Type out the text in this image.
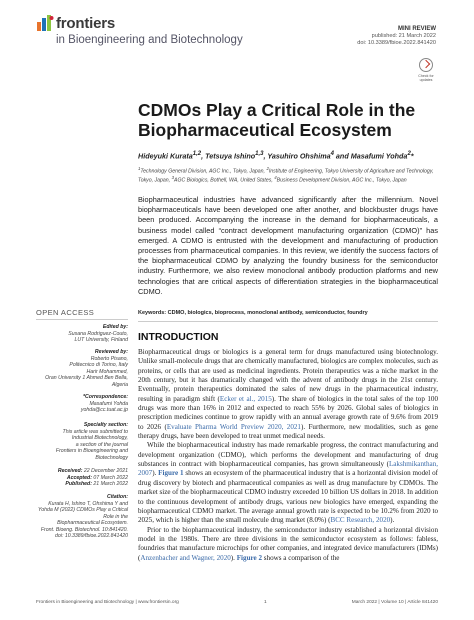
frontiers
in Bioengineering and Biotechnology
MINI REVIEW
published: 21 March 2022
doi: 10.3389/fbioe.2022.841420
Check for updates
CDMOs Play a Critical Role in the Biopharmaceutical Ecosystem
Hideyuki Kurata$^{1,2}$, Tetsuya Ishino$^{1,3}$, Yasuhiro Ohshima$^4$ and Masafumi Yohda$^2$*
$^1$Technology General Division, AGC Inc., Tokyo, Japan, $^2$Institute of Engineering, Tokyo University of Agriculture and Technology, Tokyo, Japan, $^3$AGC Biologics, Bothell, WA, United States, $^4$Business Development Division, AGC Inc., Tokyo, Japan

Biopharmaceutical industries have advanced significantly after the millennium. Novel biopharmaceuticals have been developed one after another, and blockbuster drugs have been produced. Accompanying the increase in the demand for biopharmaceuticals, a business model called “contract development manufacturing organization (CDMO)” has emerged. A CDMO is entrusted with the development and manufacturing of production processes from pharmaceutical companies. In this review, we identify the success factors of the biopharmaceutical CDMO by analyzing the foundry business for the semiconductor industry. Furthermore, we also review monoclonal antibody production platforms and new technologies that are critical aspects of differentiation strategies in the biopharmaceutical CDMO.

Keywords: CDMO, biologics, bioprocess, monoclonal antibody, semiconductor, foundry
INTRODUCTION

Biopharmaceutical drugs or biologics is a general term for drugs manufactured using biotechnology. Unlike small-molecule drugs that are chemically manufactured, biologics are complex molecules, such as proteins, or cells that are used as medicinal ingredients. Protein therapeutics was a niche market in the 20th century, but it has dramatically changed with the advent of antibody drugs in the 21st century. Eventually, protein therapeutics dominated the sales of new drugs in the pharmaceutical industry, resulting in paradigm shift (Ecker et al., 2015). The share of biologics in the total sales of the top 100 drugs was more than 16% in 2012 and expected to reach 55% by 2026. Global sales of biologics in prescription medicines continue to grow rapidly with an annual average growth rate of 9.6% from 2019 to 2026 (Evaluate Pharma World Preview 2020, 2021). Furthermore, new modalities, such as gene therapy drugs, have been developed to treat unmet medical needs.

While the biopharmaceutical industry has made remarkable progress, the contract manufacturing and development organization (CDMO), which performs the development and manufacturing of drug substances in contract with biopharmaceutical companies, has grown simultaneously (Lakshmikanthan, 2007). Figure 1 shows an ecosystem of the pharmaceutical industry that is a horizontal division model of drug discovery by biotech and pharmaceutical companies as well as drug manufacture by CDMOs. The market size of the biopharmaceutical CDMO industry exceeded 10 billion US dollars in 2018. In addition to the continuous development of antibody drugs, various new biologics have emerged, expanding the biopharmaceutical CDMO market. The average annual growth rate is expected to be 10.2% from 2020 to 2025, which is higher than the small molecule drug market (8.0%) (BCC Research, 2020).

Prior to the biopharmaceutical industry, the semiconductor industry established a horizontal division model in the 1980s. There are three divisions in the semiconductor ecosystem as follows: fabless, foundries that manufacture microchips for other companies, and integrated device manufacturers (IDMs) (Anzenbacher and Wagner, 2020). Figure 2 shows a comparison of the

OPEN ACCESS
Edited by:
Susana Rodriguez-Couto,
LUT University, Finland
Reviewed by:
Roberto Pisano,
Politecnico di Torino, Italy
Harir Mohammed,
Oran University 1 Ahmed Ben Bella,
Algeria
*Correspondence:
Masafumi Yohda
yohda@cc.tuat.ac.jp
Specialty section:
This article was submitted to
Industrial Biotechnology,
a section of the journal
Frontiers in Bioengineering and
Biotechnology
Received: 22 December 2021
Accepted: 07 March 2022
Published: 21 March 2022
Citation:
Kurata H, Ishino T, Ohshima Y and
Yohda M (2022) CDMOs Play a Critical
Role in the
Biopharmaceutical Ecosystem.
Front. Bioeng. Biotechnol. 10:841420.
doi: 10.3389/fbioe.2022.841420
Frontiers in Bioengineering and Biotechnology | www.frontiersin.org	1	March 2022 | Volume 10 | Article 841420
